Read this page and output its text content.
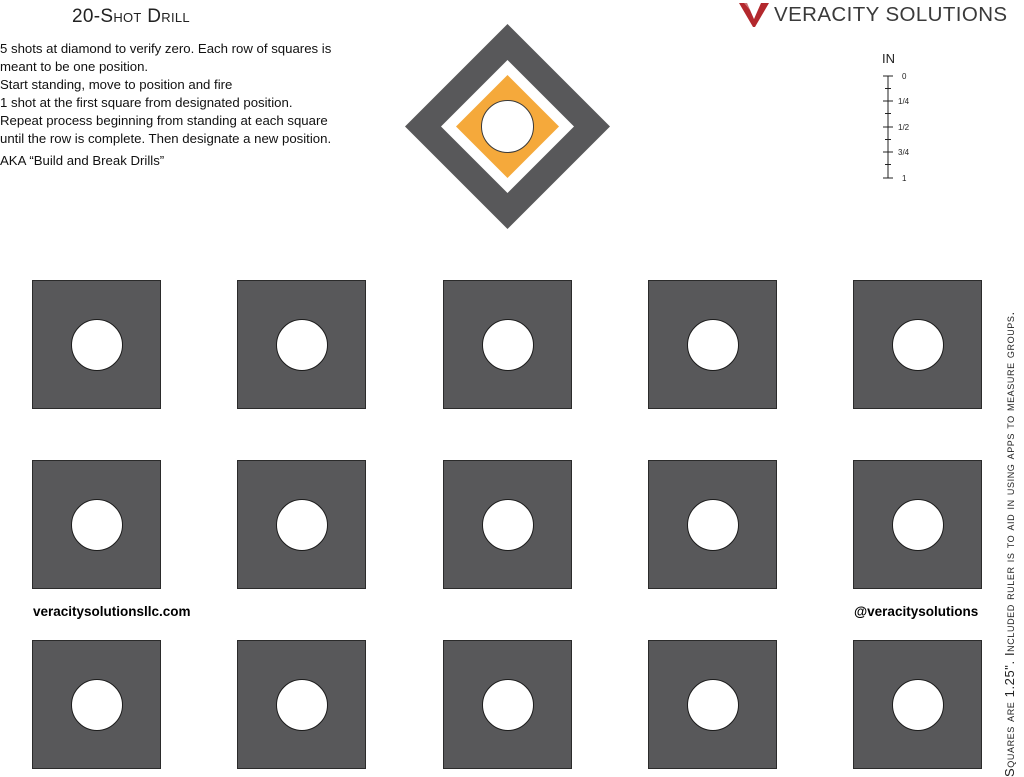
20-Shot Drill
5 shots at diamond to verify zero. Each row of squares is
meant to be one position.
Start standing, move to position and fire
1 shot at the first square from designated position.
Repeat process beginning from standing at each square
until the row is complete. Then designate a new position.
AKA “Build and Break Drills”
VERACITY SOLUTIONS
IN
0
1/4
1/2
3/4
1
veracitysolutionsllc.com	@veracitysolutions Squares are 1.25". Included ruler is to aid in using apps to measure groups.
